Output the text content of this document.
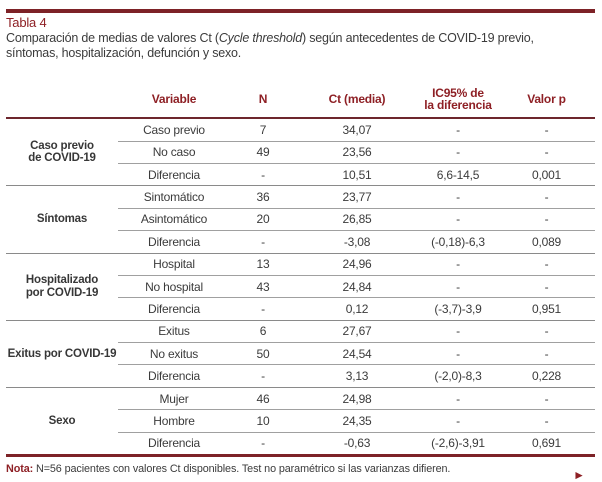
Tabla 4
Comparación de medias de valores Ct (Cycle threshold) según antecedentes de COVID-19 previo,
síntomas, hospitalización, defunción y sexo.
	Variable	N	Ct (media)	IC95% de
la diferencia	Valor p
Caso previo
de COVID-19	Caso previo	7	34,07	-	-
	No caso	49	23,56	-	-
	Diferencia	-	10,51	6,6-14,5	0,001
Síntomas	Sintomático	36	23,77	-	-
	Asintomático	20	26,85	-	-
	Diferencia	-	-3,08	(-0,18)-6,3	0,089
Hospitalizado
por COVID-19	Hospital	13	24,96	-	-
	No hospital	43	24,84	-	-
	Diferencia	-	0,12	(-3,7)-3,9	0,951
Exitus por COVID-19	Exitus	6	27,67	-	-
	No exitus	50	24,54	-	-
	Diferencia	-	3,13	(-2,0)-8,3	0,228
Sexo	Mujer	46	24,98	-	-
	Hombre	10	24,35	-	-
	Diferencia	-	-0,63	(-2,6)-3,91	0,691

Nota: N=56 pacientes con valores Ct disponibles. Test no paramétrico si las varianzas difieren.	►
